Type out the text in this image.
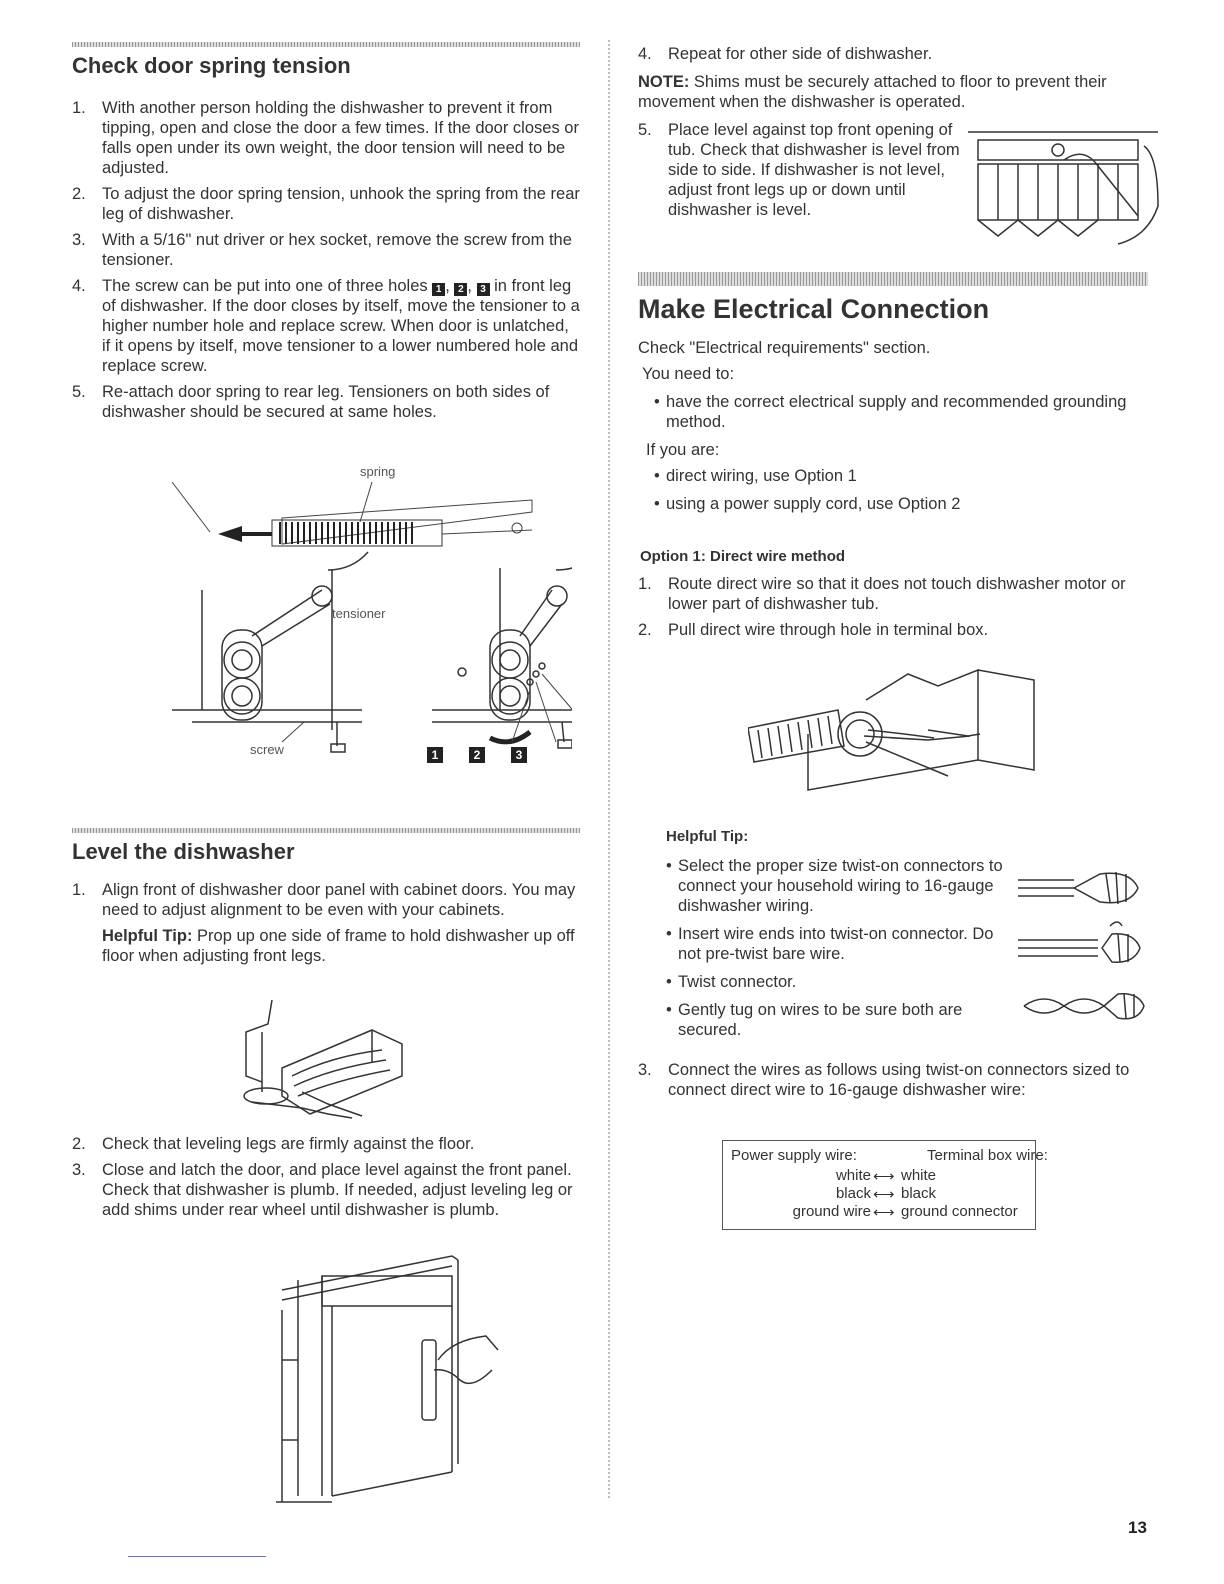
Check door spring tension
1. With another person holding the dishwasher to prevent it from tipping, open and close the door a few times. If the door closes or falls open under its own weight, the door tension will need to be adjusted.
2. To adjust the door spring tension, unhook the spring from the rear leg of dishwasher.
3. With a 5/16" nut driver or hex socket, remove the screw from the tensioner.
4. The screw can be put into one of three holes 1 , 2 , 3 in front leg of dishwasher. If the door closes by itself, move the tensioner to a higher number hole and replace screw. When door is unlatched, if it opens by itself, move tensioner to a lower numbered hole and replace screw.
5. Re-attach door spring to rear leg. Tensioners on both sides of dishwasher should be secured at same holes.
spring
tensioner
screw	1	2	3
Level the dishwasher
1. Align front of dishwasher door panel with cabinet doors. You may need to adjust alignment to be even with your cabinets.
Helpful Tip: Prop up one side of frame to hold dishwasher up off floor when adjusting front legs.
2. Check that leveling legs are firmly against the floor.
3. Close and latch the door, and place level against the front panel. Check that dishwasher is plumb. If needed, adjust leveling leg or add shims under rear wheel until dishwasher is plumb.
4. Repeat for other side of dishwasher.

NOTE: Shims must be securely attached to floor to prevent their movement when the dishwasher is operated.

5. Place level against top front opening of tub. Check that dishwasher is level from side to side. If dishwasher is not level, adjust front legs up or down until dishwasher is level.
Make Electrical Connection

Check "Electrical requirements" section.

You need to:

• have the correct electrical supply and recommended grounding method.

If you are:

• direct wiring, use Option 1

• using a power supply cord, use Option 2

Option 1: Direct wire method
1. Route direct wire so that it does not touch dishwasher motor or lower part of dishwasher tub.
2. Pull direct wire through hole in terminal box.
Helpful Tip:

• Select the proper size twist-on connectors to connect your household wiring to 16-gauge dishwasher wiring.

• Insert wire ends into twist-on connector. Do not pre-twist bare wire.

• Twist connector.

• Gently tug on wires to be sure both are secured.

3. Connect the wires as follows using twist-on connectors sized to connect direct wire to 16-gauge dishwasher wire:
Power supply wire:	Terminal box wire:
white ⟷ white
black ⟷ black
ground wire ⟷ ground connector
13
